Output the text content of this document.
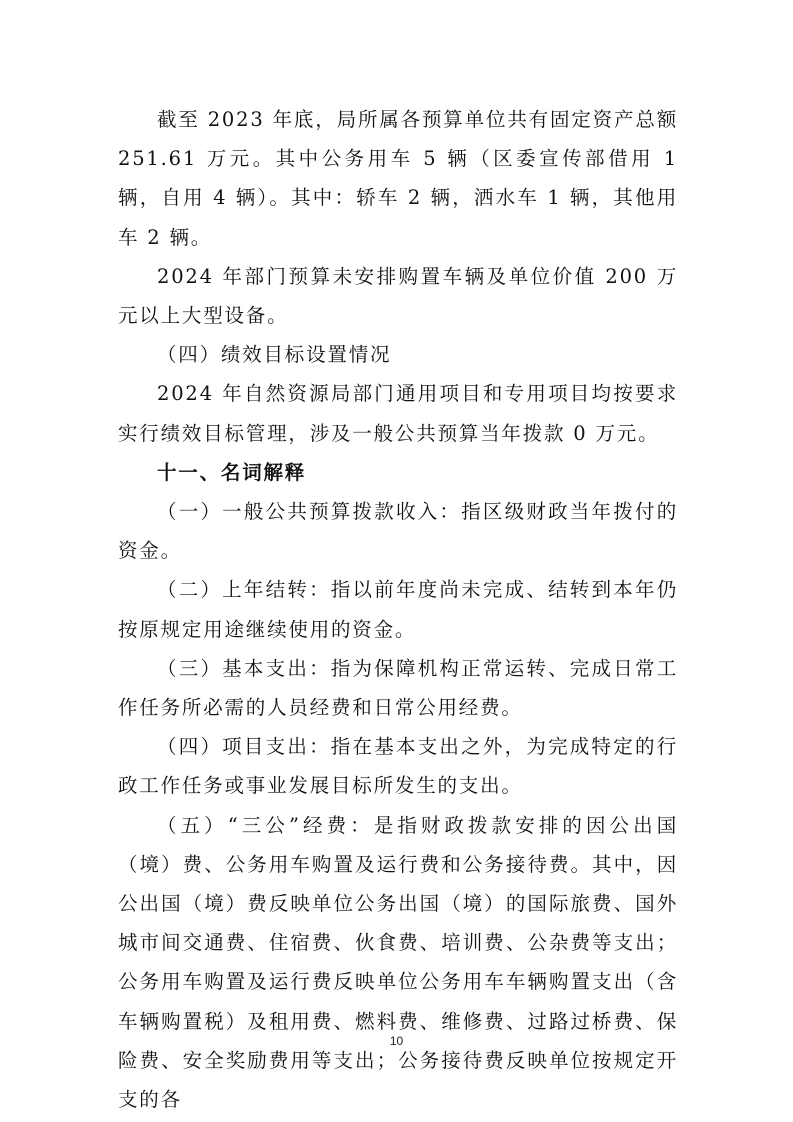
截至 2023 年底，局所属各预算单位共有固定资产总额 251.61 万元。其中公务用车 5 辆（区委宣传部借用 1 辆，自用 4 辆）。其中：轿车 2 辆，洒水车 1 辆，其他用车 2 辆。

2024 年部门预算未安排购置车辆及单位价值 200 万元以上大型设备。

（四）绩效目标设置情况

2024 年自然资源局部门通用项目和专用项目均按要求实行绩效目标管理，涉及一般公共预算当年拨款 0 万元。

十一、名词解释

（一）一般公共预算拨款收入：指区级财政当年拨付的资金。

（二）上年结转：指以前年度尚未完成、结转到本年仍按原规定用途继续使用的资金。

（三）基本支出：指为保障机构正常运转、完成日常工作任务所必需的人员经费和日常公用经费。

（四）项目支出：指在基本支出之外，为完成特定的行政工作任务或事业发展目标所发生的支出。

（五）“三公”经费：是指财政拨款安排的因公出国（境）费、公务用车购置及运行费和公务接待费。其中，因公出国（境）费反映单位公务出国（境）的国际旅费、国外城市间交通费、住宿费、伙食费、培训费、公杂费等支出；公务用车购置及运行费反映单位公务用车车辆购置支出（含车辆购置税）及租用费、燃料费、维修费、过路过桥费、保险费、安全奖励费用等支出；公务接待费反映单位按规定开支的各

10
